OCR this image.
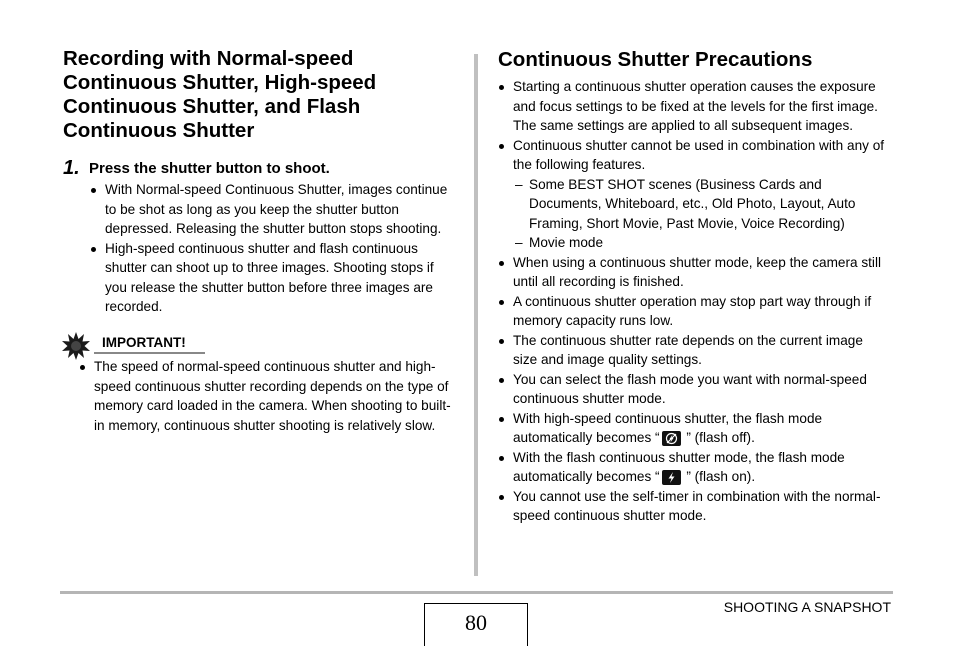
Recording with Normal-speed
Continuous Shutter, High-speed
Continuous Shutter, and Flash
Continuous Shutter
1. Press the shutter button to shoot.
With Normal-speed Continuous Shutter, images continue
to be shot as long as you keep the shutter button
depressed. Releasing the shutter button stops shooting.
High-speed continuous shutter and flash continuous
shutter can shoot up to three images. Shooting stops if
you release the shutter button before three images are
recorded.
IMPORTANT!
The speed of normal-speed continuous shutter and high-
speed continuous shutter recording depends on the type of
memory card loaded in the camera. When shooting to built-
in memory, continuous shutter shooting is relatively slow.
Continuous Shutter Precautions
Starting a continuous shutter operation causes the exposure
and focus settings to be fixed at the levels for the first image.
The same settings are applied to all subsequent images.
Continuous shutter cannot be used in combination with any of
the following features.
– Some BEST SHOT scenes (Business Cards and
Documents, Whiteboard, etc., Old Photo, Layout, Auto
Framing, Short Movie, Past Movie, Voice Recording)
– Movie mode
When using a continuous shutter mode, keep the camera still
until all recording is finished.
A continuous shutter operation may stop part way through if
memory capacity runs low.
The continuous shutter rate depends on the current image
size and image quality settings.
You can select the flash mode you want with normal-speed
continuous shutter mode.
With high-speed continuous shutter, the flash mode
automatically becomes “ ” (flash off).
With the flash continuous shutter mode, the flash mode
automatically becomes “ ” (flash on).
You cannot use the self-timer in combination with the normal-
speed continuous shutter mode.
80
SHOOTING A SNAPSHOT
